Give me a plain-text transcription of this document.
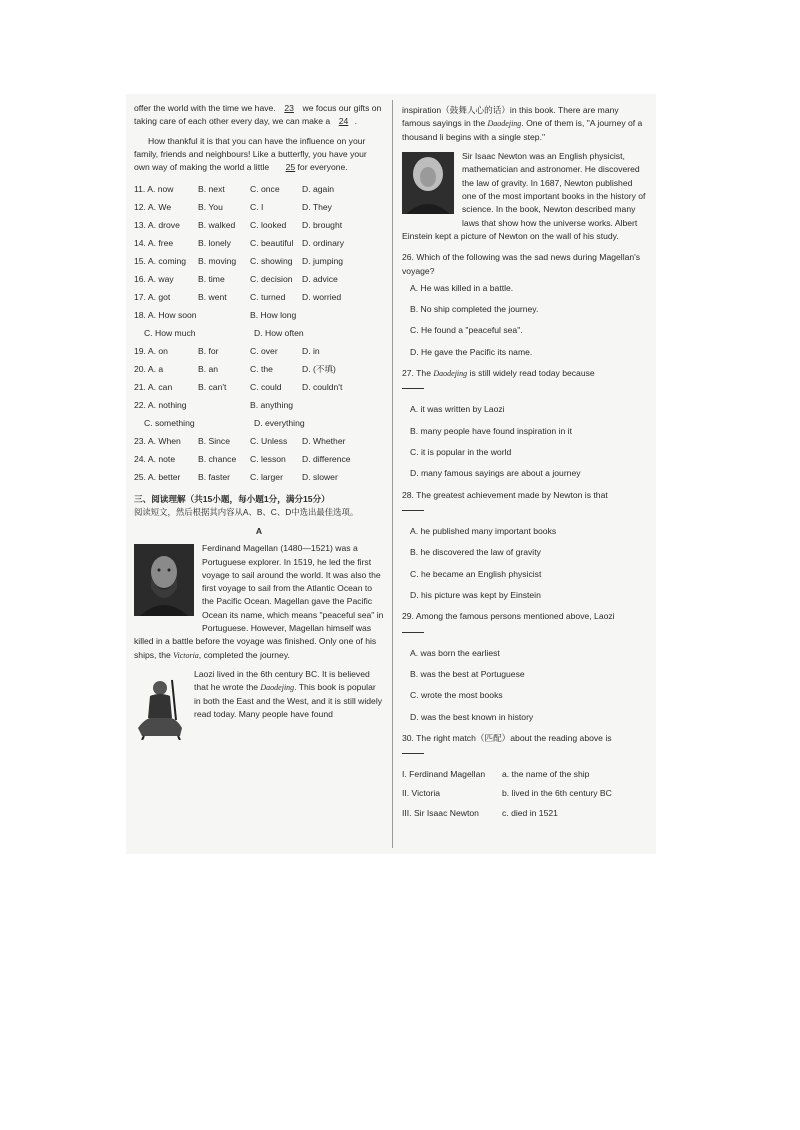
offer the world with the time we have. 23 we focus our gifts on taking care of each other every day, we can make a 24 .

How thankful it is that you can have the influence on your family, friends and neighbours! Like a butterfly, you have your own way of making the world a little 25 for everyone.

11. A. now	B. next	C. once	D. again
12. A. We	B. You	C. I	D. They
13. A. drove	B. walked	C. looked	D. brought
14. A. free	B. lonely	C. beautiful D. ordinary
15. A. coming	B. moving	C. showing	D. jumping
16. A. way	B. time	C. decision	D. advice
17. A. got	B. went	C. turned	D. worried
18. A. How soon	B. How long
C. How much	D. How often
19. A. on	B. for	C. over	D. in
20. A. a	B. an	C. the	D. (不填)
21. A. can	B. can't	C. could	D. couldn't
22. A. nothing	B. anything
C. something	D. everything
23. A. When	B. Since	C. Unless	D. Whether
24. A. note	B. chance	C. lesson	D. difference
25. A. better	B. faster	C. larger	D. slower
三、阅读理解（共15小题，每小题1分，满分15分）
阅读短文，然后根据其内容从A、B、C、D中选出最佳选项。
A

Ferdinand Magellan (1480—1521) was a Portuguese explorer. In 1519, he led the first voyage to sail around the world. It was also the first voyage to sail from the Atlantic Ocean to the Pacific Ocean. Magellan gave the Pacific Ocean its name, which means "peaceful sea" in Portuguese. However, Magellan himself was killed in a battle before the voyage was finished. Only one of his ships, the Victoria, completed the journey.

Laozi lived in the 6th century BC. It is believed that he wrote the Daodejing. This book is popular in both the East and the West, and it is still widely read today. Many people have found

inspiration（鼓舞人心的话）in this book. There are many famous sayings in the Daodejing. One of them is, "A journey of a thousand li begins with a single step."

Sir Isaac Newton was an English physicist, mathematician and astronomer. He discovered the law of gravity. In 1687, Newton published one of the most important books in the history of science. In the book, Newton described many laws that show how the universe works. Albert Einstein kept a picture of Newton on the wall of his study.

26. Which of the following was the sad news during Magellan's voyage?
A. He was killed in a battle.
B. No ship completed the journey.
C. He found a "peaceful sea".
D. He gave the Pacific its name.
27. The Daodejing is still widely read today because
A. it was written by Laozi
B. many people have found inspiration in it
C. it is popular in the world
D. many famous sayings are about a journey
28. The greatest achievement made by Newton is that
A. he published many important books
B. he discovered the law of gravity
C. he became an English physicist
D. his picture was kept by Einstein
29. Among the famous persons mentioned above, Laozi
A. was born the earliest
B. was the best at Portuguese
C. wrote the most books
D. was the best known in history
30. The right match（匹配）about the reading above is
I. Ferdinand Magellan	a. the name of the ship
II. Victoria	b. lived in the 6th century BC
III. Sir Isaac Newton	c. died in 1521
